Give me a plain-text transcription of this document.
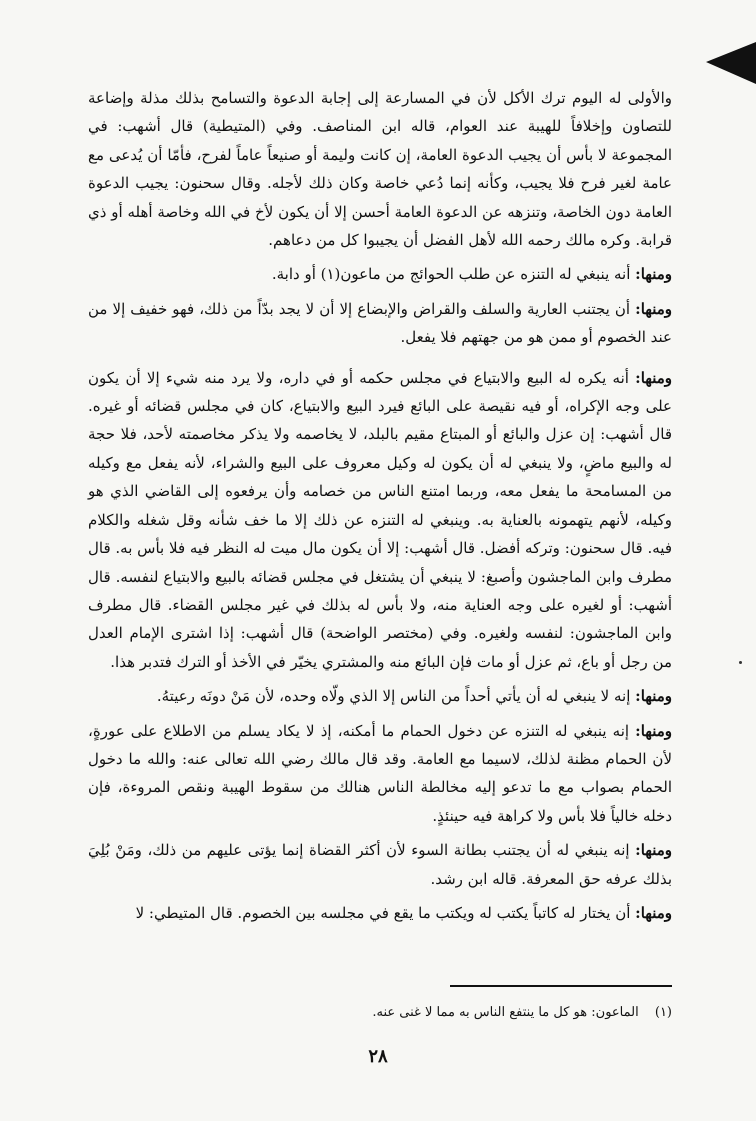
والأولى له اليوم ترك الأكل لأن في المسارعة إلى إجابة الدعوة والتسامح بذلك مذلة وإضاعة للتصاون وإخلافاً للهيبة عند العوام، قاله ابن المناصف. وفي (المتيطية) قال أشهب: في المجموعة لا بأس أن يجيب الدعوة العامة، إن كانت وليمة أو صنيعاً عاماً لفرح، فأمّا أن يُدعى مع عامة لغير فرح فلا يجيب، وكأنه إنما دُعي خاصة وكان ذلك لأجله. وقال سحنون: يجيب الدعوة العامة دون الخاصة، وتنزهه عن الدعوة العامة أحسن إلا أن يكون لأخ في الله وخاصة أهله أو ذي قرابة. وكره مالك رحمه الله لأهل الفضل أن يجيبوا كل من دعاهم.

ومنها: أنه ينبغي له التنزه عن طلب الحوائج من ماعون(١) أو دابة.

ومنها: أن يجتنب العارية والسلف والقراض والإبضاع إلا أن لا يجد بدّاً من ذلك، فهو خفيف إلا من عند الخصوم أو ممن هو من جهتهم فلا يفعل.

ومنها: أنه يكره له البيع والابتياع في مجلس حكمه أو في داره، ولا يرد منه شيء إلا أن يكون على وجه الإكراه، أو فيه نقيصة على البائع فيرد البيع والابتياع، كان في مجلس قضائه أو غيره. قال أشهب: إن عزل والبائع أو المبتاع مقيم بالبلد، لا يخاصمه ولا يذكر مخاصمته لأحد، فلا حجة له والبيع ماضٍ، ولا ينبغي له أن يكون له وكيل معروف على البيع والشراء، لأنه يفعل مع وكيله من المسامحة ما يفعل معه، وربما امتنع الناس من خصامه وأن يرفعوه إلى القاضي الذي هو وكيله، لأنهم يتهمونه بالعناية به. وينبغي له التنزه عن ذلك إلا ما خف شأنه وقل شغله والكلام فيه. قال سحنون: وتركه أفضل. قال أشهب: إلا أن يكون مال ميت له النظر فيه فلا بأس به. قال مطرف وابن الماجشون وأصبغ: لا ينبغي أن يشتغل في مجلس قضائه بالبيع والابتياع لنفسه. قال أشهب: أو لغيره على وجه العناية منه، ولا بأس له بذلك في غير مجلس القضاء. قال مطرف وابن الماجشون: لنفسه ولغيره. وفي (مختصر الواضحة) قال أشهب: إذا اشترى الإمام العدل من رجل أو باع، ثم عزل أو مات فإن البائع منه والمشتري يخيّر في الأخذ أو الترك فتدبر هذا.

ومنها: إنه لا ينبغي له أن يأتي أحداً من الناس إلا الذي ولّاه وحده، لأن مَنْ دونَه رعيتهُ.

ومنها: إنه ينبغي له التنزه عن دخول الحمام ما أمكنه، إذ لا يكاد يسلم من الاطلاع على عورةٍ، لأن الحمام مظنة لذلك، لاسيما مع العامة. وقد قال مالك رضي الله تعالى عنه: والله ما دخول الحمام بصواب مع ما تدعو إليه مخالطة الناس هنالك من سقوط الهيبة ونقص المروءة، فإن دخله خالياً فلا بأس ولا كراهة فيه حينئذٍ.

ومنها: إنه ينبغي له أن يجتنب بطانة السوء لأن أكثر القضاة إنما يؤتى عليهم من ذلك، ومَنْ بُلِيَ بذلك عرفه حق المعرفة. قاله ابن رشد.

ومنها: أن يختار له كاتباً يكتب له ويكتب ما يقع في مجلسه بين الخصوم. قال المتيطي: لا

(١) الماعون: هو كل ما ينتفع الناس به مما لا غنى عنه.
٢٨
